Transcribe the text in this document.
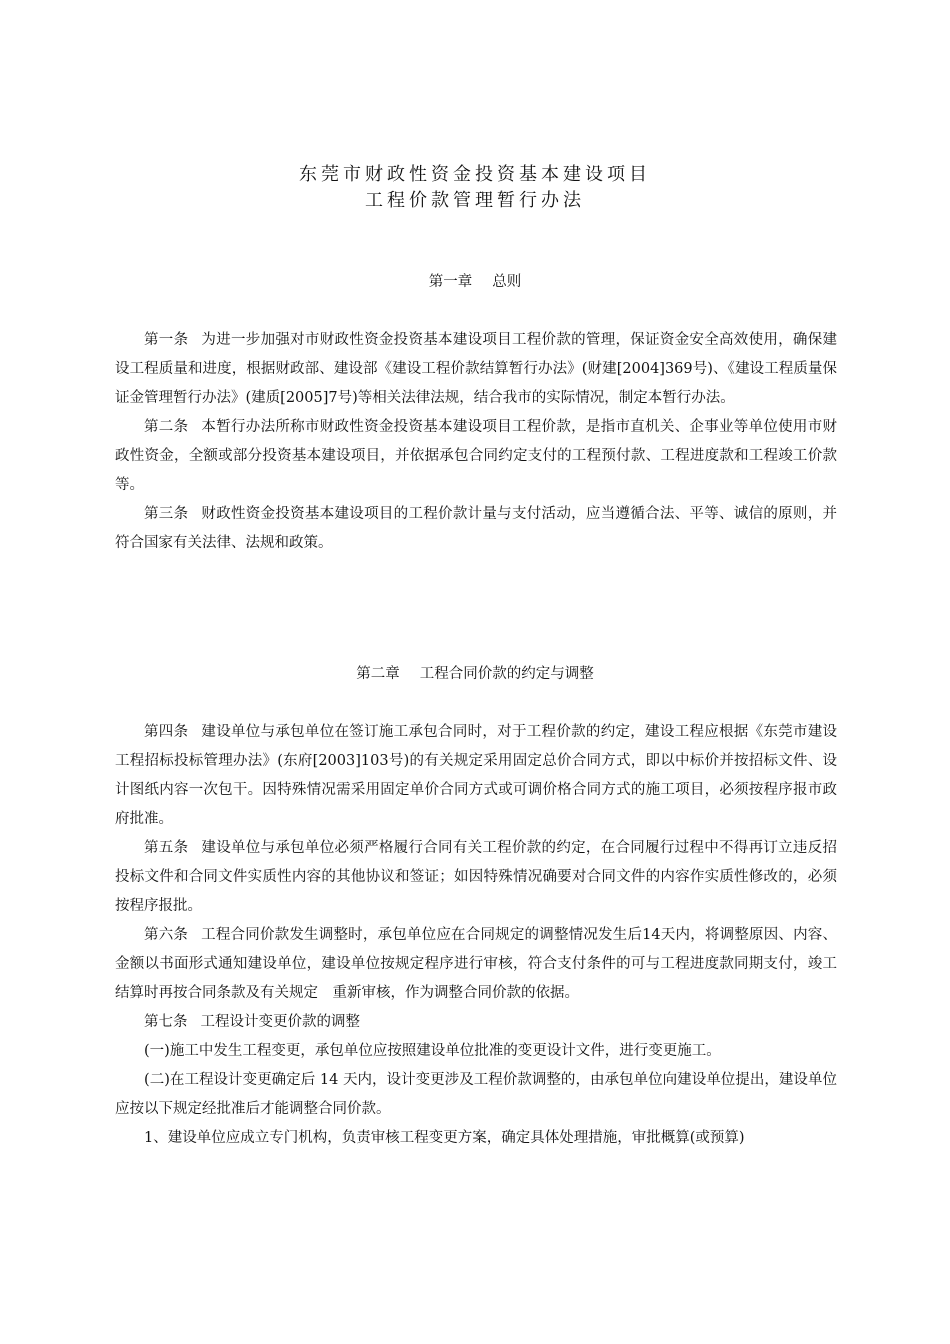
东莞市财政性资金投资基本建设项目
工程价款管理暂行办法
第一章 总则

第一条 为进一步加强对市财政性资金投资基本建设项目工程价款的管理，保证资金安全高效使用，确保建设工程质量和进度，根据财政部、建设部《建设工程价款结算暂行办法》(财建[2004]369号)、《建设工程质量保证金管理暂行办法》(建质[2005]7号)等相关法律法规，结合我市的实际情况，制定本暂行办法。

第二条 本暂行办法所称市财政性资金投资基本建设项目工程价款，是指市直机关、企事业等单位使用市财政性资金，全额或部分投资基本建设项目，并依据承包合同约定支付的工程预付款、工程进度款和工程竣工价款等。

第三条 财政性资金投资基本建设项目的工程价款计量与支付活动，应当遵循合法、平等、诚信的原则，并符合国家有关法律、法规和政策。

第二章 工程合同价款的约定与调整

第四条 建设单位与承包单位在签订施工承包合同时，对于工程价款的约定，建设工程应根据《东莞市建设工程招标投标管理办法》(东府[2003]103号)的有关规定采用固定总价合同方式，即以中标价并按招标文件、设计图纸内容一次包干。因特殊情况需采用固定单价合同方式或可调价格合同方式的施工项目，必须按程序报市政府批准。

第五条 建设单位与承包单位必须严格履行合同有关工程价款的约定，在合同履行过程中不得再订立违反招投标文件和合同文件实质性内容的其他协议和签证；如因特殊情况确要对合同文件的内容作实质性修改的，必须按程序报批。

第六条 工程合同价款发生调整时，承包单位应在合同规定的调整情况发生后14天内，将调整原因、内容、金额以书面形式通知建设单位，建设单位按规定程序进行审核，符合支付条件的可与工程进度款同期支付，竣工结算时再按合同条款及有关规定　重新审核，作为调整合同价款的依据。

第七条 工程设计变更价款的调整

(一)施工中发生工程变更，承包单位应按照建设单位批准的变更设计文件，进行变更施工。

(二)在工程设计变更确定后 14 天内，设计变更涉及工程价款调整的，由承包单位向建设单位提出，建设单位应按以下规定经批准后才能调整合同价款。

1、建设单位应成立专门机构，负责审核工程变更方案，确定具体处理措施，审批概算(或预算)
